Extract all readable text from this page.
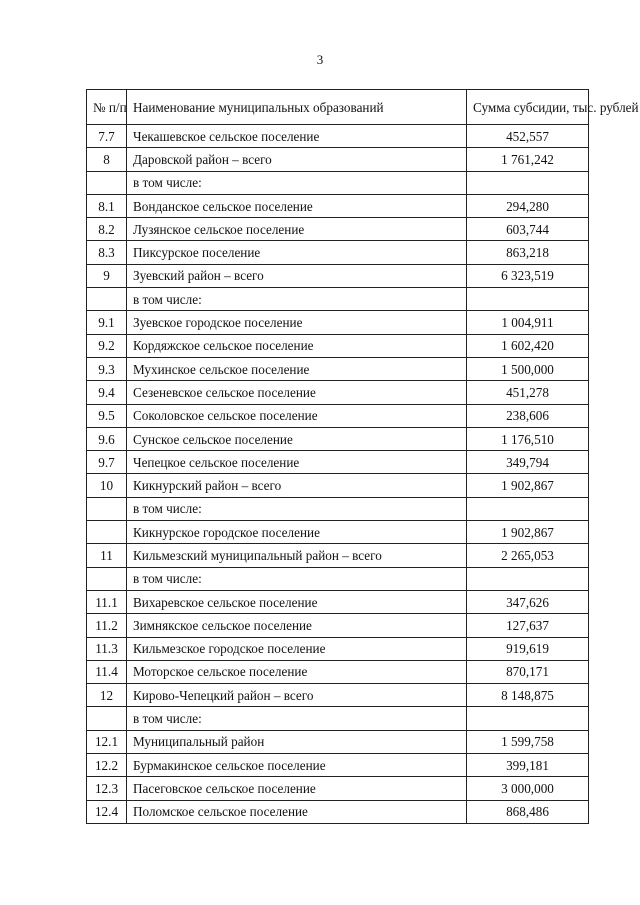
3
№ п/п	Наименование муниципальных образований	Сумма субсидии, тыс. рублей
7.7	Чекашевское сельское поселение	452,557
8	Даровской район – всего	1 761,242
	в том числе:	
8.1	Вонданское сельское поселение	294,280
8.2	Лузянское сельское поселение	603,744
8.3	Пиксурское поселение	863,218
9	Зуевский район – всего	6 323,519
	в том числе:	
9.1	Зуевское городское поселение	1 004,911
9.2	Кордяжское сельское поселение	1 602,420
9.3	Мухинское сельское поселение	1 500,000
9.4	Сезеневское сельское поселение	451,278
9.5	Соколовское сельское поселение	238,606
9.6	Сунское сельское поселение	1 176,510
9.7	Чепецкое сельское поселение	349,794
10	Кикнурский район – всего	1 902,867
	в том числе:	
	Кикнурское городское поселение	1 902,867
11	Кильмезский муниципальный район – всего	2 265,053
	в том числе:	
11.1	Вихаревское сельское поселение	347,626
11.2	Зимнякское сельское поселение	127,637
11.3	Кильмезское городское поселение	919,619
11.4	Моторское сельское поселение	870,171
12	Кирово-Чепецкий район – всего	8 148,875
	в том числе:	
12.1	Муниципальный район	1 599,758
12.2	Бурмакинское сельское поселение	399,181
12.3	Пасеговское сельское поселение	3 000,000
12.4	Поломское сельское поселение	868,486
